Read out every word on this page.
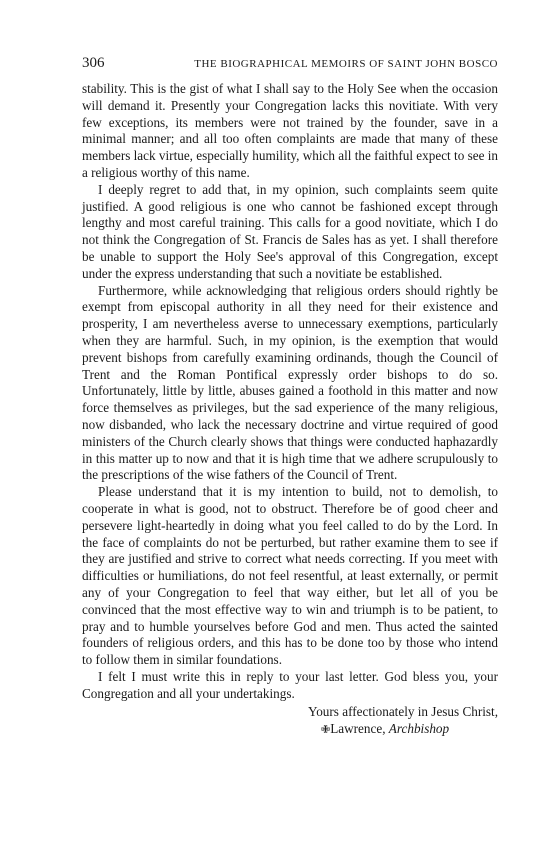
306	THE BIOGRAPHICAL MEMOIRS OF SAINT JOHN BOSCO

stability. This is the gist of what I shall say to the Holy See when the occasion will demand it. Presently your Congregation lacks this novitiate. With very few exceptions, its members were not trained by the founder, save in a minimal manner; and all too often complaints are made that many of these members lack virtue, especially humility, which all the faithful expect to see in a religious worthy of this name.

I deeply regret to add that, in my opinion, such complaints seem quite justified. A good religious is one who cannot be fashioned except through lengthy and most careful training. This calls for a good novitiate, which I do not think the Congregation of St. Francis de Sales has as yet. I shall therefore be unable to support the Holy See's approval of this Congregation, except under the express understanding that such a novitiate be established.

Furthermore, while acknowledging that religious orders should rightly be exempt from episcopal authority in all they need for their existence and prosperity, I am nevertheless averse to unnecessary exemptions, particularly when they are harmful. Such, in my opinion, is the exemption that would prevent bishops from carefully examining ordinands, though the Council of Trent and the Roman Pontifical expressly order bishops to do so. Unfortunately, little by little, abuses gained a foothold in this matter and now force themselves as privileges, but the sad experience of the many religious, now disbanded, who lack the necessary doctrine and virtue required of good ministers of the Church clearly shows that things were conducted haphazardly in this matter up to now and that it is high time that we adhere scrupulously to the prescriptions of the wise fathers of the Council of Trent.

Please understand that it is my intention to build, not to demolish, to cooperate in what is good, not to obstruct. Therefore be of good cheer and persevere light-heartedly in doing what you feel called to do by the Lord. In the face of complaints do not be perturbed, but rather examine them to see if they are justified and strive to correct what needs correcting. If you meet with difficulties or humiliations, do not feel resentful, at least externally, or permit any of your Congregation to feel that way either, but let all of you be convinced that the most effective way to win and triumph is to be patient, to pray and to humble yourselves before God and men. Thus acted the sainted founders of religious orders, and this has to be done too by those who intend to follow them in similar foundations.

I felt I must write this in reply to your last letter. God bless you, your Congregation and all your undertakings.

Yours affectionately in Jesus Christ,
✙Lawrence, Archbishop
